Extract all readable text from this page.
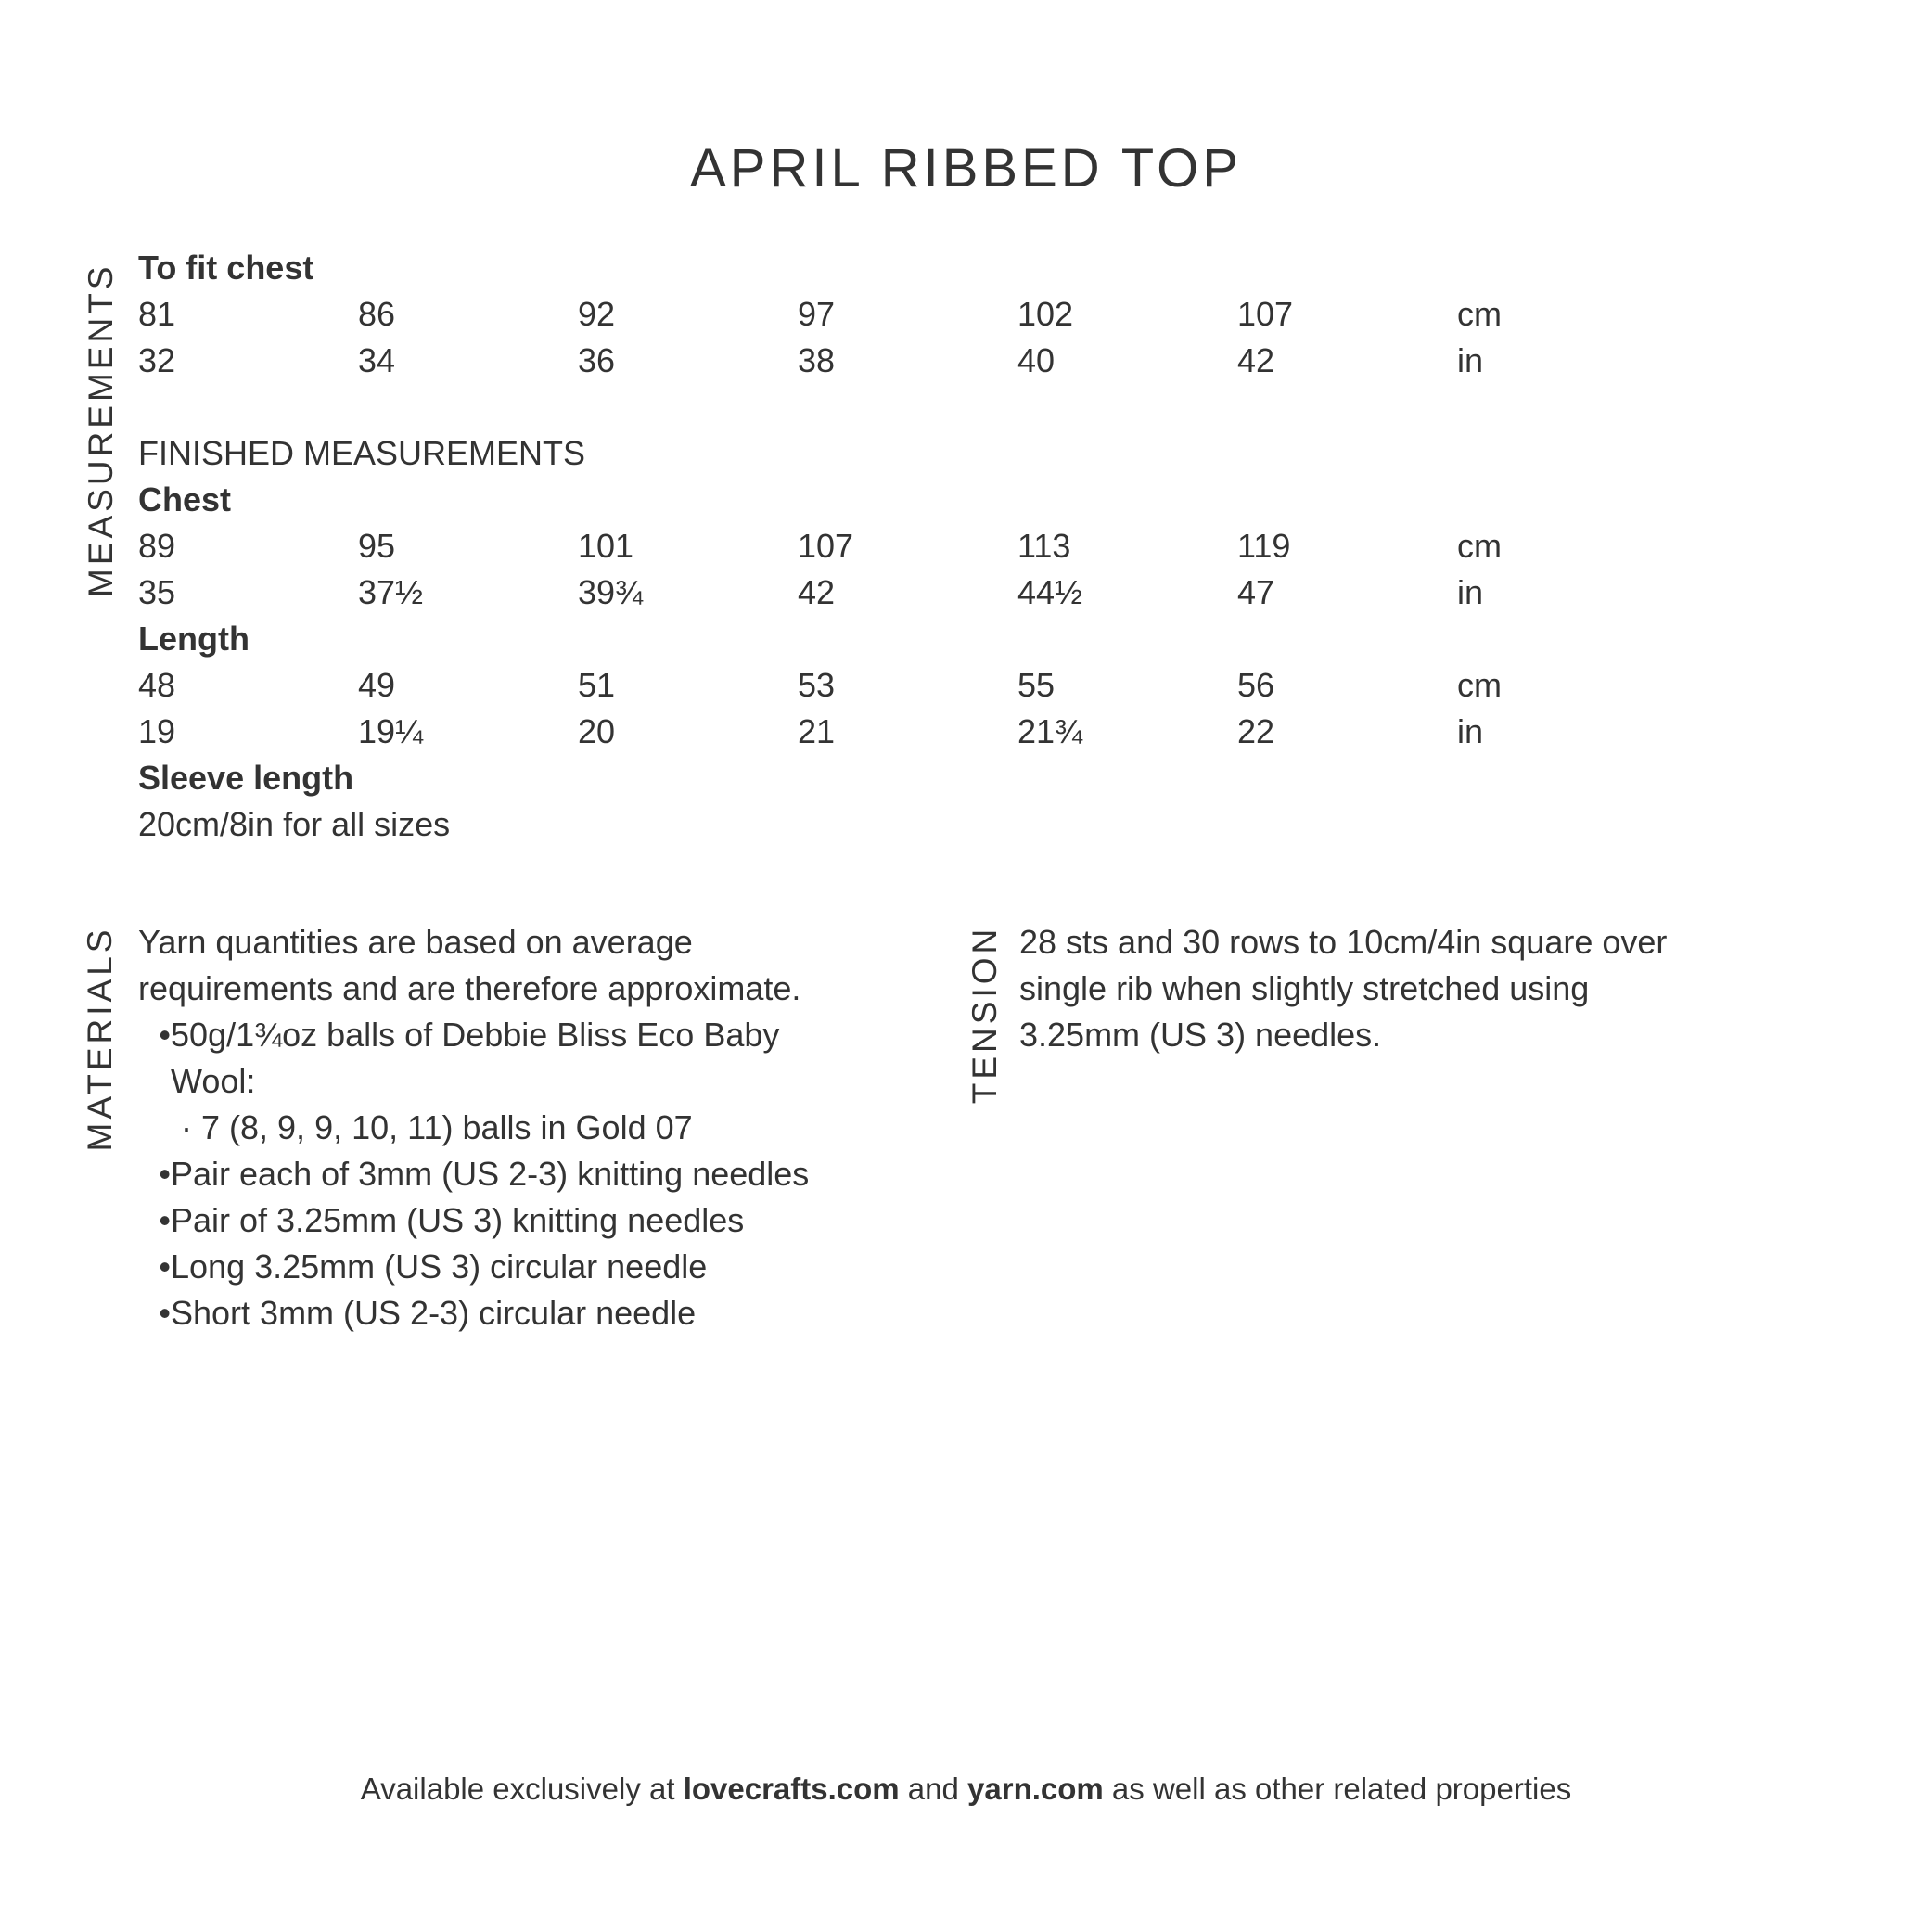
APRIL RIBBED TOP
MEASUREMENTS
MATERIALS	TENSION
To fit chest
81	86	92	97	102	107	cm
32	34	36	38	40	42	in
FINISHED MEASUREMENTS
Chest
89	95	101	107	113	119	cm
35	37½	39¾	42	44½	47	in
Length
48	49	51	53	55	56	cm
19	19¼	20	21	21¾	22	in
Sleeve length
20cm/8in for all sizes
Yarn quantities are based on average
requirements and are therefore approximate.
• 50g/1¾oz balls of Debbie Bliss Eco Baby
Wool:
· 7 (8, 9, 9, 10, 11) balls in Gold 07
• Pair each of 3mm (US 2-3) knitting needles
• Pair of 3.25mm (US 3) knitting needles
• Long 3.25mm (US 3) circular needle
• Short 3mm (US 2-3) circular needle
28 sts and 30 rows to 10cm/4in square over
single rib when slightly stretched using
3.25mm (US 3) needles.
Available exclusively at lovecrafts.com and yarn.com as well as other related properties
